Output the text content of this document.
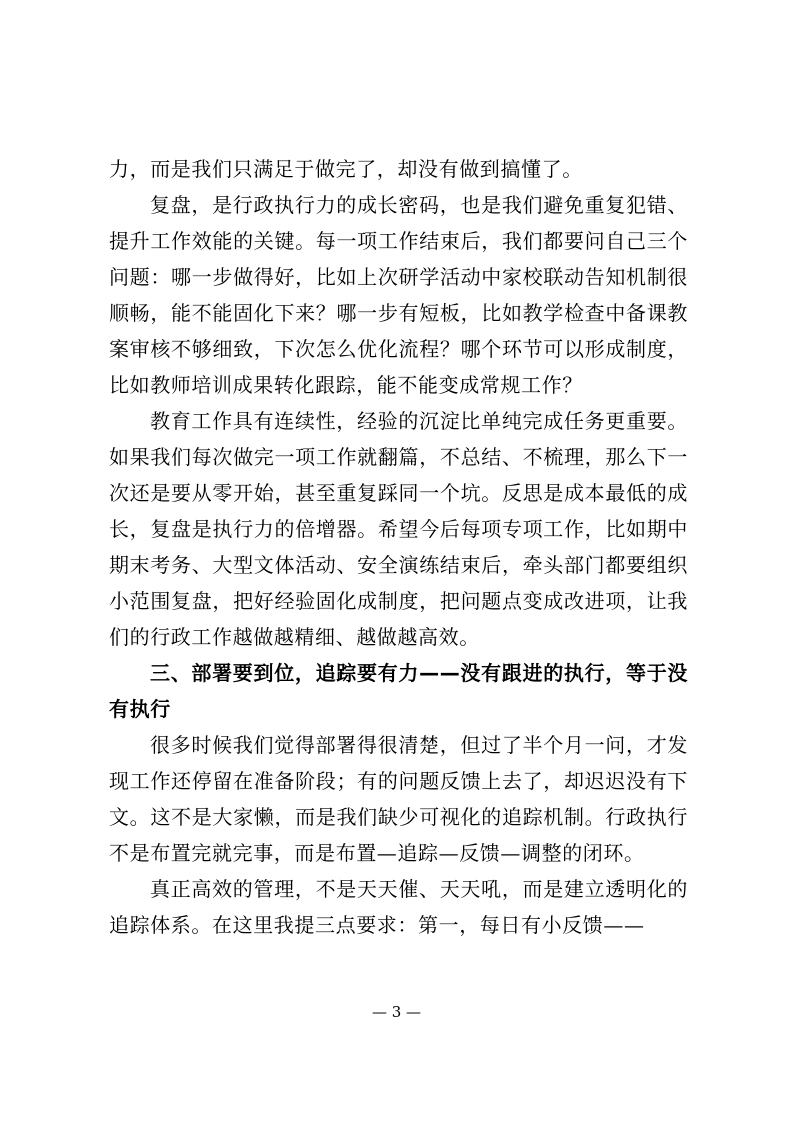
力，而是我们只满足于做完了，却没有做到搞懂了。

复盘，是行政执行力的成长密码，也是我们避免重复犯错、提升工作效能的关键。每一项工作结束后，我们都要问自己三个问题：哪一步做得好，比如上次研学活动中家校联动告知机制很顺畅，能不能固化下来？哪一步有短板，比如教学检查中备课教案审核不够细致，下次怎么优化流程？哪个环节可以形成制度，比如教师培训成果转化跟踪，能不能变成常规工作？

教育工作具有连续性，经验的沉淀比单纯完成任务更重要。如果我们每次做完一项工作就翻篇，不总结、不梳理，那么下一次还是要从零开始，甚至重复踩同一个坑。反思是成本最低的成长，复盘是执行力的倍增器。希望今后每项专项工作，比如期中期末考务、大型文体活动、安全演练结束后，牵头部门都要组织小范围复盘，把好经验固化成制度，把问题点变成改进项，让我们的行政工作越做越精细、越做越高效。

三、部署要到位，追踪要有力——没有跟进的执行，等于没有执行

很多时候我们觉得部署得很清楚，但过了半个月一问，才发现工作还停留在准备阶段；有的问题反馈上去了，却迟迟没有下文。这不是大家懒，而是我们缺少可视化的追踪机制。行政执行不是布置完就完事，而是布置—追踪—反馈—调整的闭环。

真正高效的管理，不是天天催、天天吼，而是建立透明化的追踪体系。在这里我提三点要求：第一，每日有小反馈——

— 3 —
